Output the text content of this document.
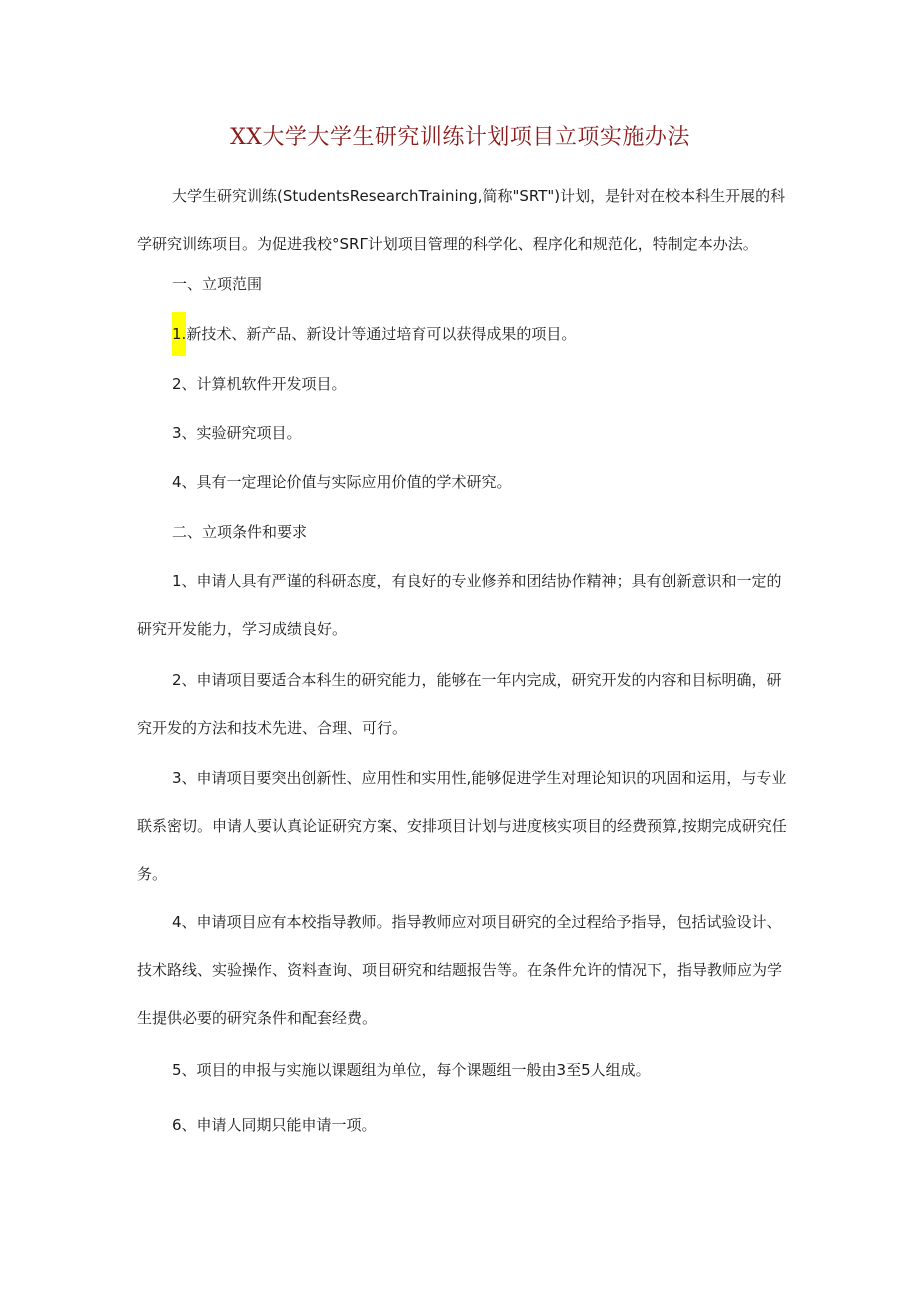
XX大学大学生研究训练计划项目立项实施办法

大学生研究训练(StudentsResearchTraining,简称"SRT")计划，是针对在校本科生开展的科学研究训练项目。为促进我校°SRΓ计划项目管理的科学化、程序化和规范化，特制定本办法。

一、立项范围

1.新技术、新产品、新设计等通过培育可以获得成果的项目。

2、计算机软件开发项目。

3、实验研究项目。

4、具有一定理论价值与实际应用价值的学术研究。

二、立项条件和要求

1、申请人具有严谨的科研态度，有良好的专业修养和团结协作精神；具有创新意识和一定的研究开发能力，学习成绩良好。

2、申请项目要适合本科生的研究能力，能够在一年内完成，研究开发的内容和目标明确，研究开发的方法和技术先进、合理、可行。

3、申请项目要突出创新性、应用性和实用性,能够促进学生对理论知识的巩固和运用，与专业联系密切。申请人要认真论证研究方案、安排项目计划与进度核实项目的经费预算,按期完成研究任务。

4、申请项目应有本校指导教师。指导教师应对项目研究的全过程给予指导，包括试验设计、技术路线、实验操作、资料查询、项目研究和结题报告等。在条件允许的情况下，指导教师应为学生提供必要的研究条件和配套经费。

5、项目的申报与实施以课题组为单位，每个课题组一般由3至5人组成。

6、申请人同期只能申请一项。
